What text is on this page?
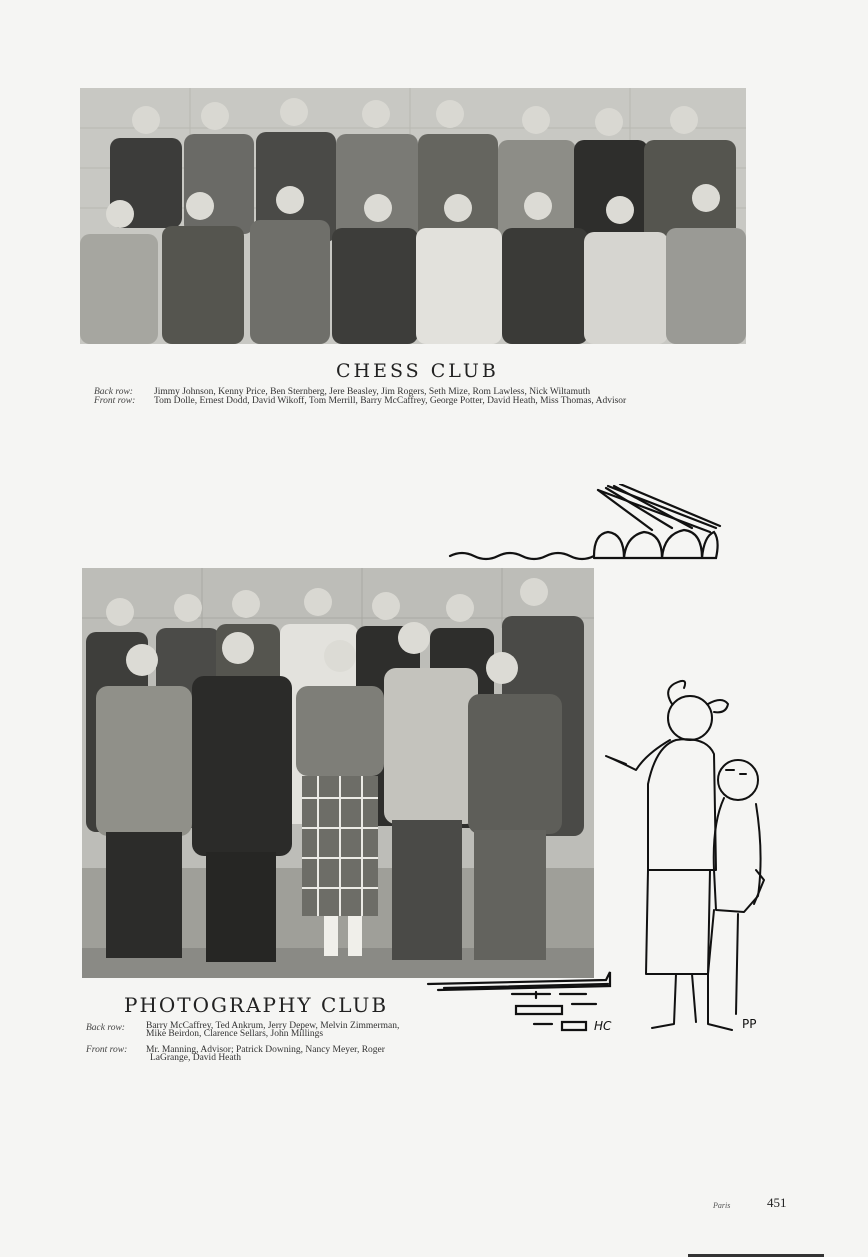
CHESS CLUB
Back row:	Jimmy Johnson, Kenny Price, Ben Sternberg, Jere Beasley, Jim Rogers, Seth Mize, Rom Lawless, Nick Wiltamuth
Front row:	Tom Dolle, Ernest Dodd, David Wikoff, Tom Merrill, Barry McCaffrey, George Potter, David Heath, Miss Thomas, Advisor
HC
PHOTOGRAPHY CLUB
Back row: Barry McCaffrey, Ted Ankrum, Jerry Depew, Melvin Zimmerman,
Mike Beirdon, Clarence Sellars, John Millings
Front row: Mr. Manning, Advisor; Patrick Downing, Nancy Meyer, Roger
LaGrange, David Heath
PP
Paris	451
